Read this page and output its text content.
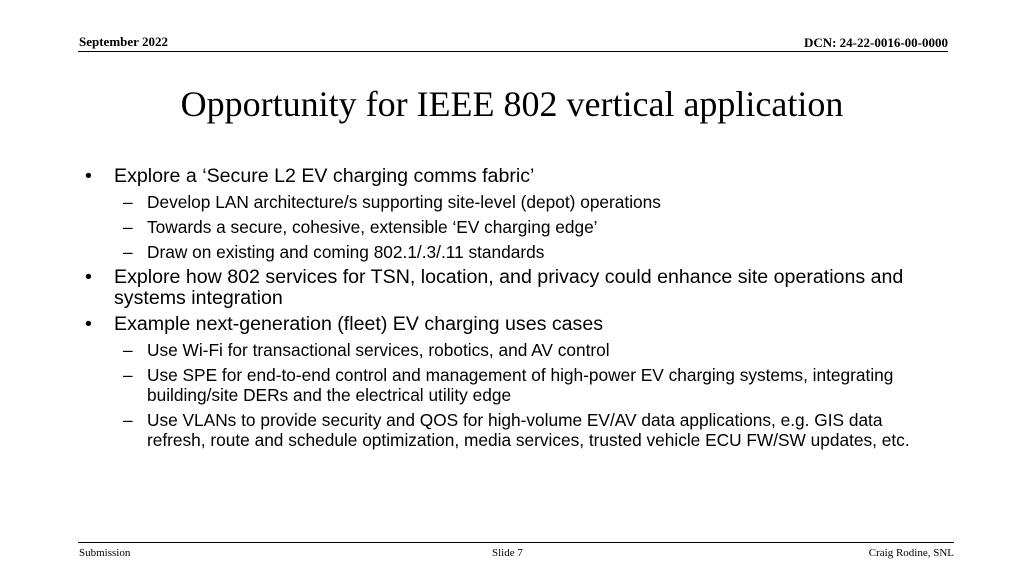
September 2022	DCN: 24-22-0016-00-0000
Opportunity for IEEE 802 vertical application
• Explore a ‘Secure L2 EV charging comms fabric’
– Develop LAN architecture/s supporting site-level (depot) operations
– Towards a secure, cohesive, extensible ‘EV charging edge’
– Draw on existing and coming 802.1/.3/.11 standards
• Explore how 802 services for TSN, location, and privacy could enhance site operations and systems integration
• Example next-generation (fleet) EV charging uses cases
– Use Wi-Fi for transactional services, robotics, and AV control
– Use SPE for end-to-end control and management of high-power EV charging systems, integrating building/site DERs and the electrical utility edge
– Use VLANs to provide security and QOS for high-volume EV/AV data applications, e.g. GIS data refresh, route and schedule optimization, media services, trusted vehicle ECU FW/SW updates, etc.
Submission	Slide 7	Craig Rodine, SNL
